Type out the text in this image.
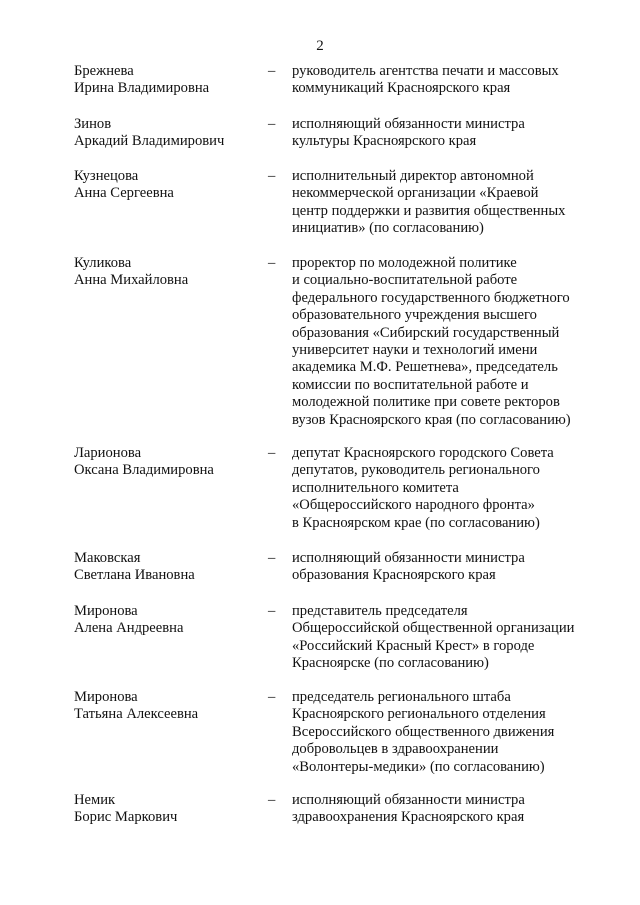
2
Брежнева
Ирина Владимировна
– руководитель агентства печати и массовых
коммуникаций Красноярского края
Зинов
Аркадий Владимирович
– исполняющий обязанности министра
культуры Красноярского края
Кузнецова
Анна Сергеевна
– исполнительный директор автономной
некоммерческой организации «Краевой
центр поддержки и развития общественных
инициатив» (по согласованию)
Куликова
Анна Михайловна
– проректор по молодежной политике
и социально-воспитательной работе
федерального государственного бюджетного
образовательного учреждения высшего
образования «Сибирский государственный
университет науки и технологий имени
академика М.Ф. Решетнева», председатель
комиссии по воспитательной работе и
молодежной политике при совете ректоров
вузов Красноярского края (по согласованию)
Ларионова
Оксана Владимировна
– депутат Красноярского городского Совета
депутатов, руководитель регионального
исполнительного комитета
«Общероссийского народного фронта»
в Красноярском крае (по согласованию)
Маковская
Светлана Ивановна
– исполняющий обязанности министра
образования Красноярского края
Миронова
Алена Андреевна
– представитель председателя
Общероссийской общественной организации
«Российский Красный Крест» в городе
Красноярске (по согласованию)
Миронова
Татьяна Алексеевна
– председатель регионального штаба
Красноярского регионального отделения
Всероссийского общественного движения
добровольцев в здравоохранении
«Волонтеры-медики» (по согласованию)
Немик
Борис Маркович
– исполняющий обязанности министра
здравоохранения Красноярского края
